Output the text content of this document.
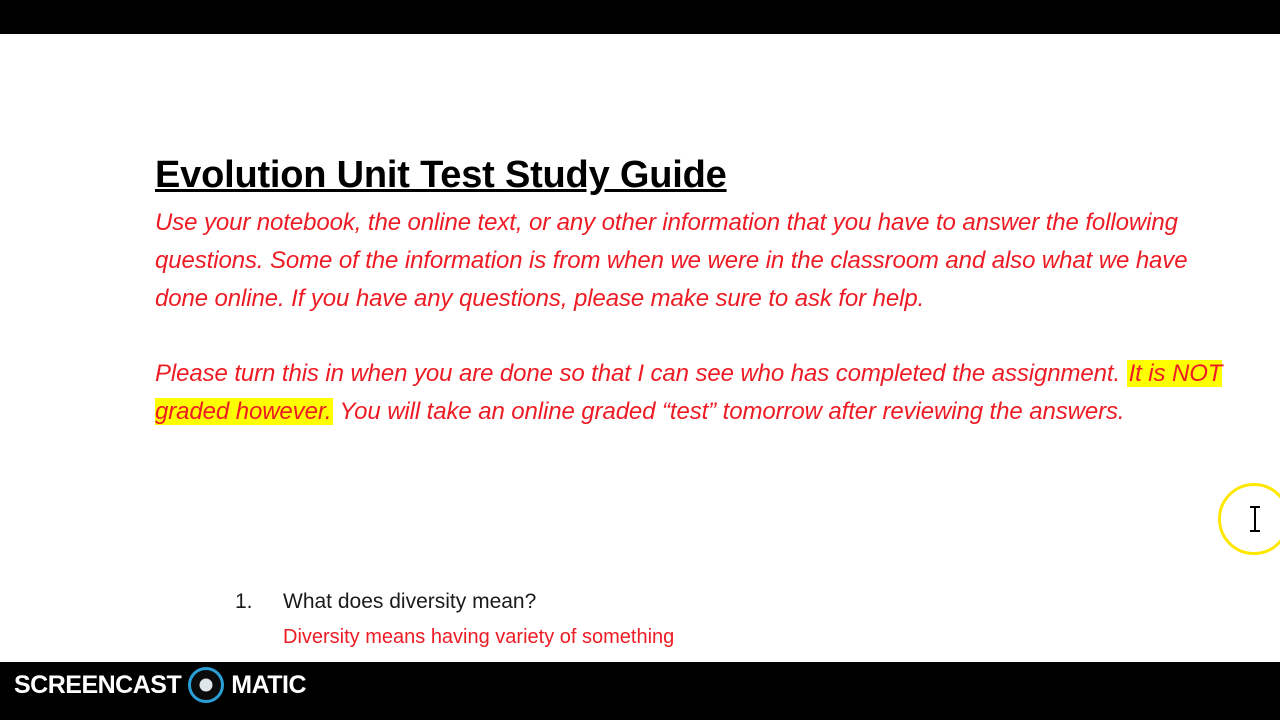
Evolution Unit Test Study Guide

Use your notebook, the online text, or any other information that you have to answer the following questions. Some of the information is from when we were in the classroom and also what we have done online. If you have any questions, please make sure to ask for help.

Please turn this in when you are done so that I can see who has completed the assignment. It is NOT graded however. You will take an online graded “test” tomorrow after reviewing the answers.

1.	What does diversity mean?
Diversity means having variety of something
RECORDED WITH
SCREENCAST MATIC
